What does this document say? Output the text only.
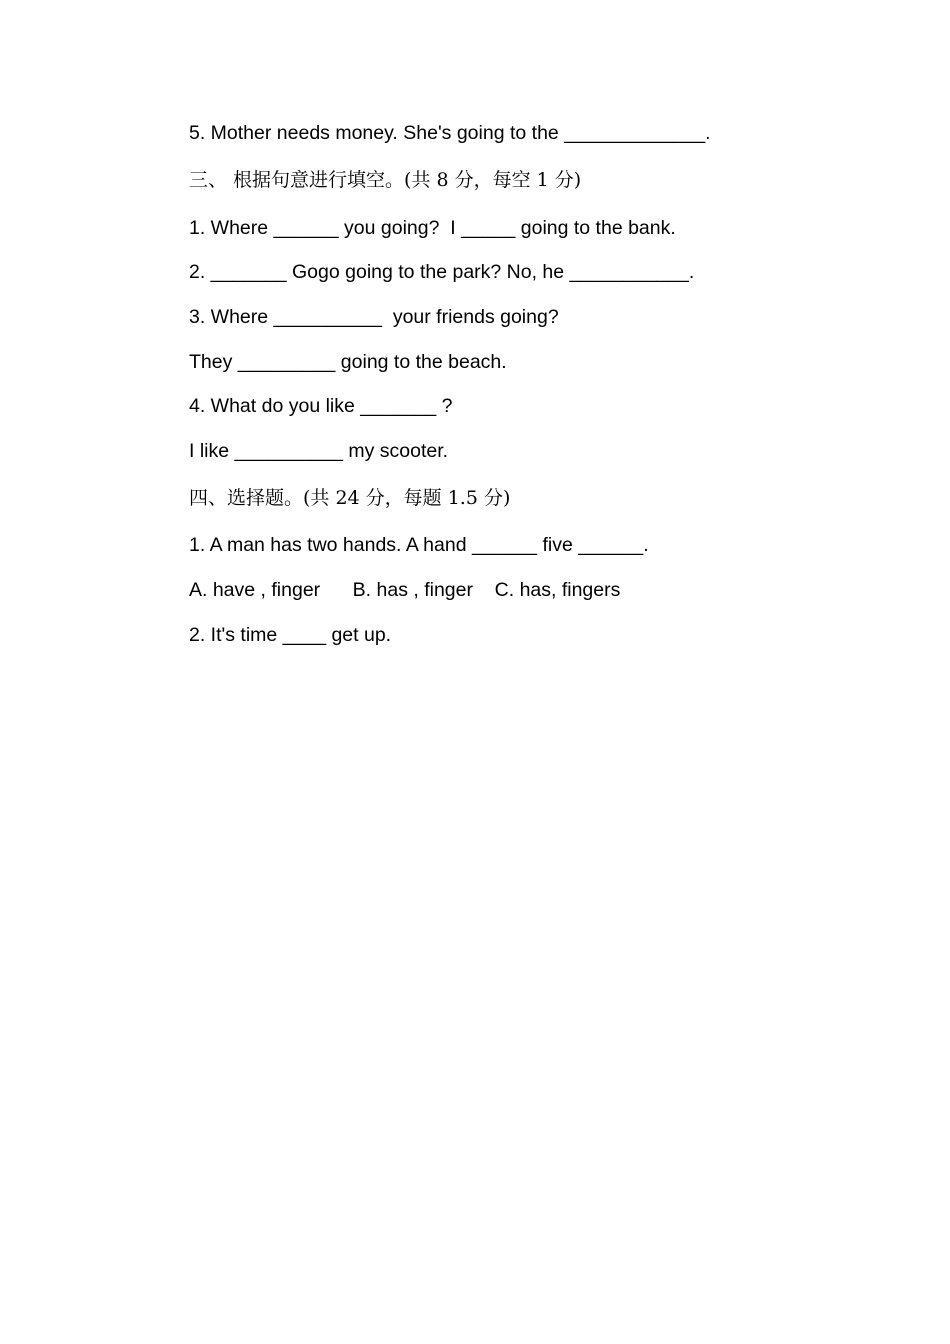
5. Mother needs money. She's going to the _____________.

三、 根据句意进行填空。(共 8 分，每空 1 分)

1. Where ______ you going?  I _____ going to the bank.

2. _______ Gogo going to the park? No, he ___________.

3. Where __________  your friends going?

They _________ going to the beach.

4. What do you like _______ ?

I like __________ my scooter.

四、选择题。(共 24 分，每题 1.5 分)

1. A man has two hands. A hand ______ five ______.

A. have , finger      B. has , finger    C. has, fingers

2. It's time ____ get up.
